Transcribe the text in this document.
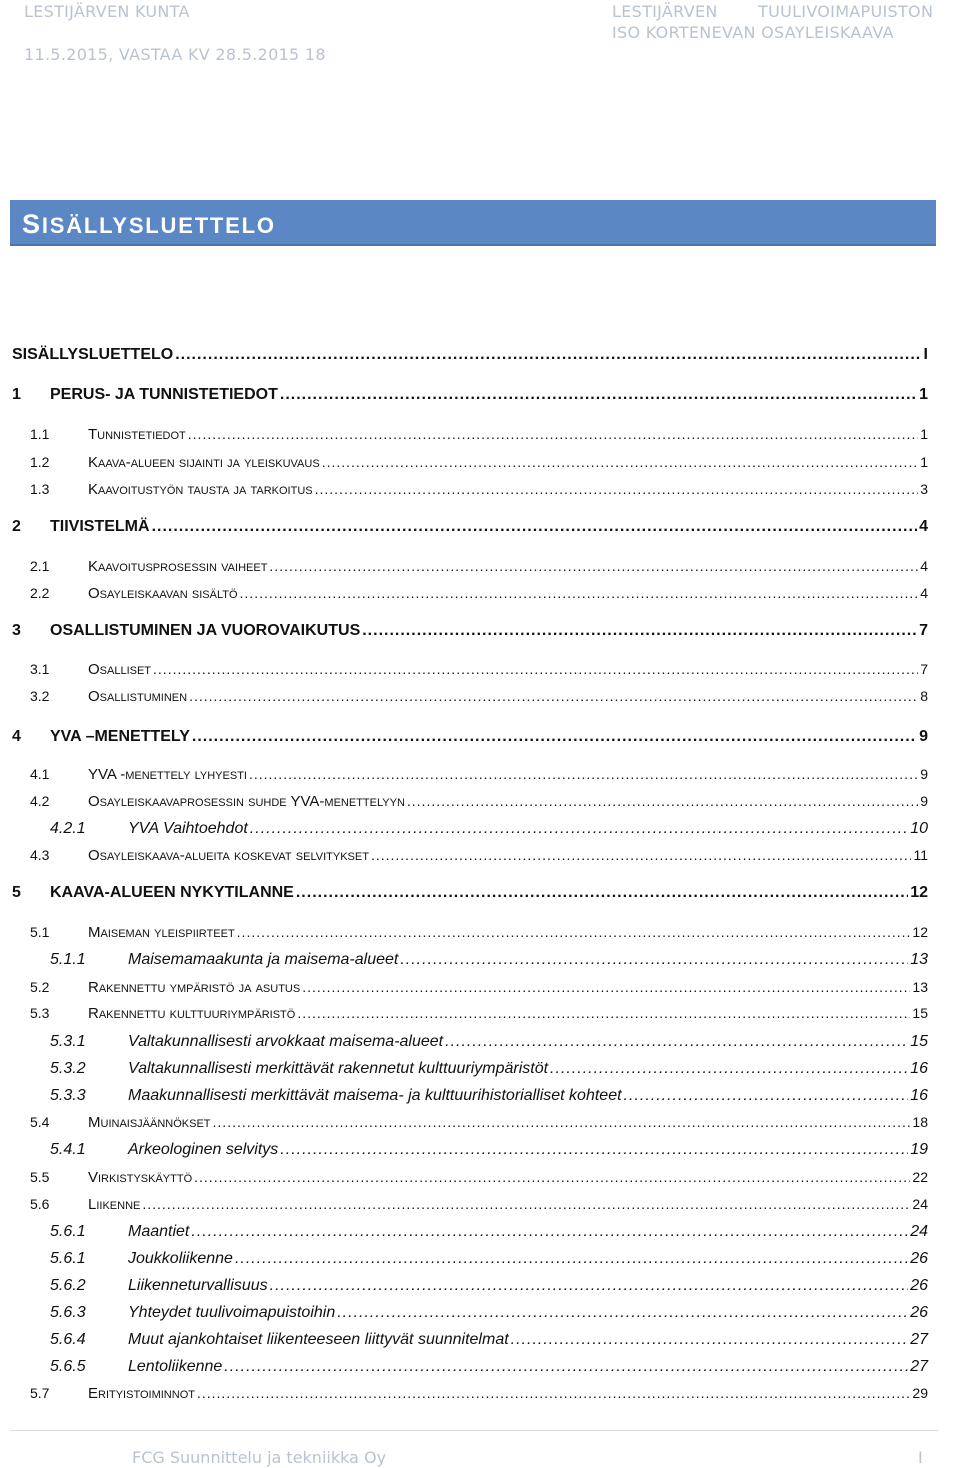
LESTIJÄRVEN KUNTA
11.5.2015, VASTAA KV 28.5.2015 18
LESTIJÄRVEN	TUULIVOIMAPUISTON
ISO KORTENEVAN OSAYLEISKAAVA
SISÄLLYSLUETTELO
SISÄLLYSLUETTELO .....	I
1	PERUS- JA TUNNISTETIEDOT .....	1
1.1	Tunnistetiedot .....	1
1.2	Kaava-alueen sijainti ja yleiskuvaus .....	1
1.3	Kaavoitustyön tausta ja tarkoitus .....	3
2	TIIVISTELMÄ .....	4
2.1	Kaavoitusprosessin vaiheet .....	4
2.2	Osayleiskaavan sisältö .....	4
3	OSALLISTUMINEN JA VUOROVAIKUTUS .....	7
3.1	Osalliset .....	7
3.2	Osallistuminen .....	8
4	YVA –MENETTELY .....	9
4.1	YVA -menettely lyhyesti .....	9
4.2	Osayleiskaavaprosessin suhde YVA-menettelyyn .....	9
4.2.1	YVA Vaihtoehdot .....	10
4.3	Osayleiskaava-alueita koskevat selvitykset .....	11
5	KAAVA-ALUEEN NYKYTILANNE .....	12
5.1	Maiseman yleispiirteet .....	12
5.1.1	Maisemamaakunta ja maisema-alueet .....	13
5.2	Rakennettu ympäristö ja asutus .....	13
5.3	Rakennettu kulttuuriympäristö .....	15
5.3.1	Valtakunnallisesti arvokkaat maisema-alueet .....	15
5.3.2	Valtakunnallisesti merkittävät rakennetut kulttuuriympäristöt .....	16
5.3.3	Maakunnallisesti merkittävät maisema- ja kulttuurihistorialliset kohteet .....	16
5.4	Muinaisjäännökset .....	18
5.4.1	Arkeologinen selvitys .....	19
5.5	Virkistyskäyttö .....	22
5.6	Liikenne .....	24
5.6.1	Maantiet .....	24
5.6.1	Joukkoliikenne .....	26
5.6.2	Liikenneturvallisuus .....	26
5.6.3	Yhteydet tuulivoimapuistoihin .....	26
5.6.4	Muut ajankohtaiset liikenteeseen liittyvät suunnitelmat .....	27
5.6.5	Lentoliikenne .....	27
5.7	Erityistoiminnot .....	29
FCG Suunnittelu ja tekniikka Oy	I
